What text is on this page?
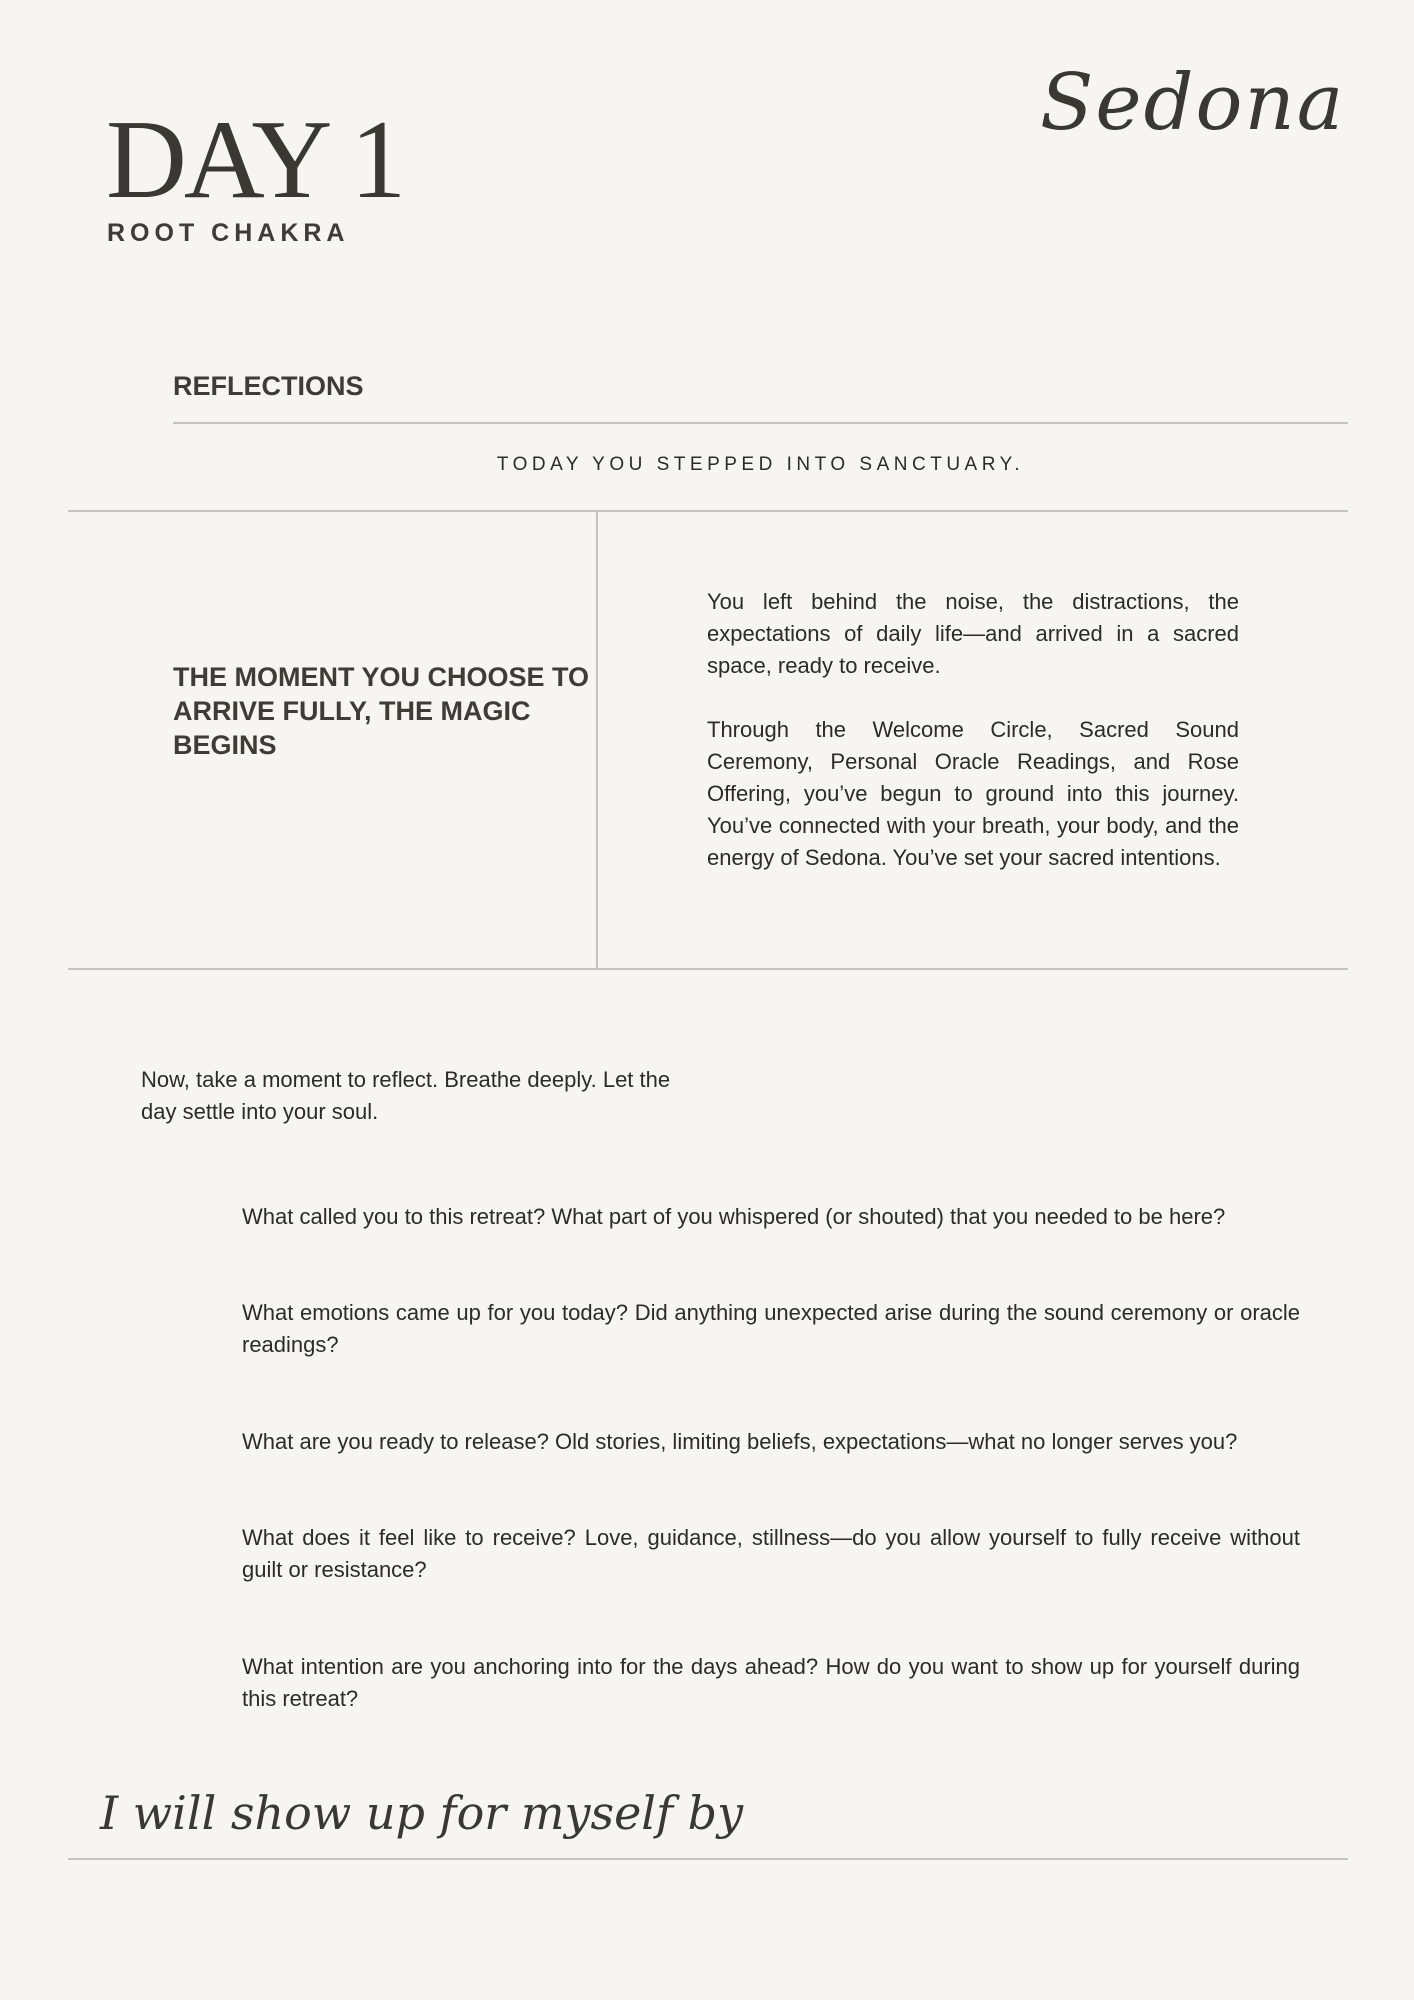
DAY 1
ROOT CHAKRA
Sedona
REFLECTIONS
TODAY YOU STEPPED INTO SANCTUARY.
THE MOMENT YOU CHOOSE TO ARRIVE FULLY, THE MAGIC BEGINS
You left behind the noise, the distractions, the expectations of daily life—and arrived in a sacred space, ready to receive.
Through the Welcome Circle, Sacred Sound Ceremony, Personal Oracle Readings, and Rose Offering, you’ve begun to ground into this journey. You’ve connected with your breath, your body, and the energy of Sedona. You’ve set your sacred intentions.
Now, take a moment to reflect. Breathe deeply. Let the day settle into your soul.
What called you to this retreat? What part of you whispered (or shouted) that you needed to be here?
What emotions came up for you today? Did anything unexpected arise during the sound ceremony or oracle readings?
What are you ready to release? Old stories, limiting beliefs, expectations—what no longer serves you?
What does it feel like to receive? Love, guidance, stillness—do you allow yourself to fully receive without guilt or resistance?
What intention are you anchoring into for the days ahead? How do you want to show up for yourself during this retreat?
I will show up for myself by
